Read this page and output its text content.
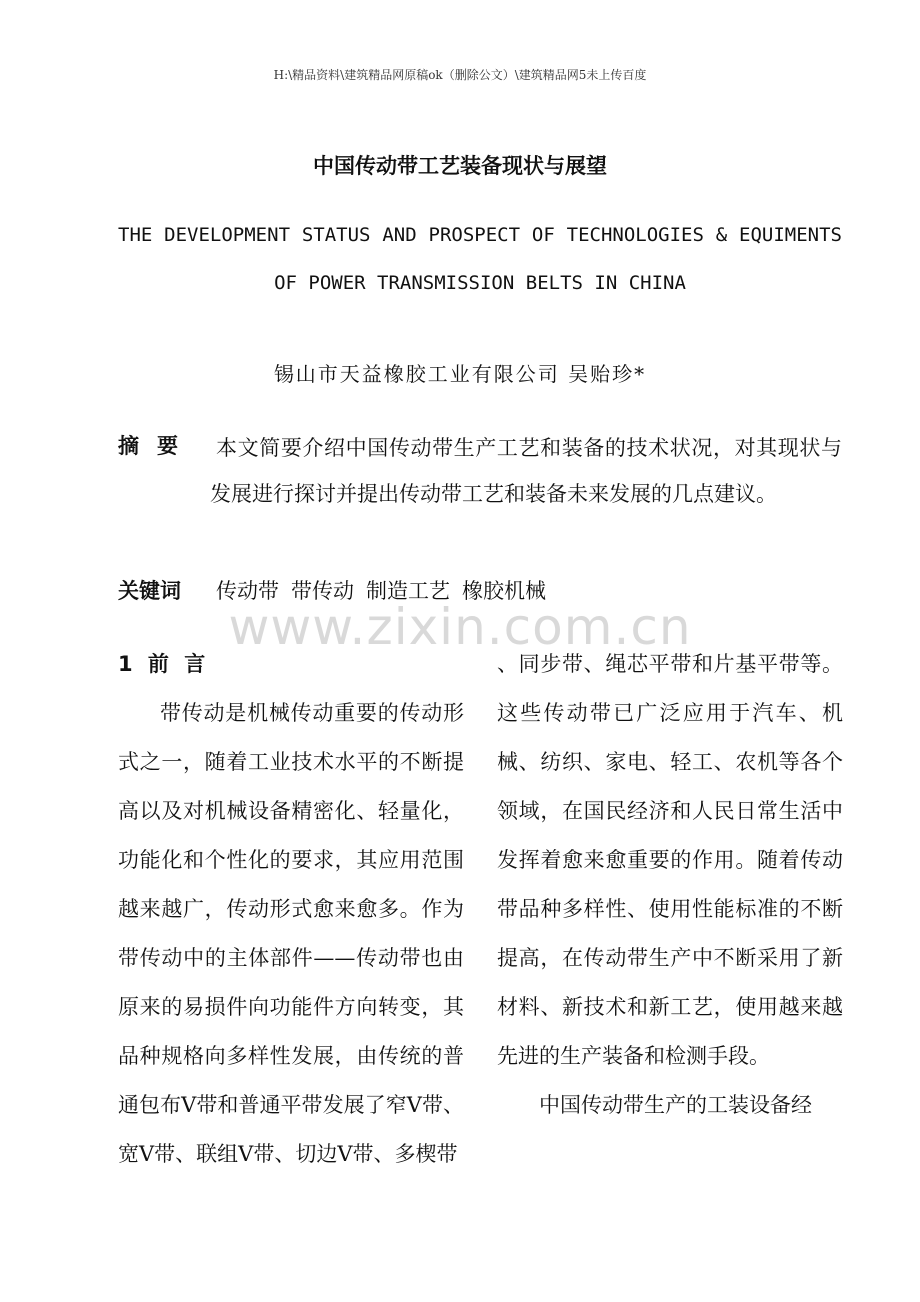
H:\精品资料\建筑精品网原稿ok（删除公文）\建筑精品网5未上传百度
中国传动带工艺装备现状与展望
THE DEVELOPMENT STATUS AND PROSPECT OF TECHNOLOGIES & EQUIMENTS
OF POWER TRANSMISSION BELTS IN CHINA
锡山市天益橡胶工业有限公司 吴贻珍*
摘要 本文简要介绍中国传动带生产工艺和装备的技术状况，对其现状与发展进行探讨并提出传动带工艺和装备未来发展的几点建议。
关键词 传动带 带传动 制造工艺 橡胶机械
www.zixin.com.cn

1 前 言

带传动是机械传动重要的传动形式之一，随着工业技术水平的不断提高以及对机械设备精密化、轻量化，功能化和个性化的要求，其应用范围越来越广，传动形式愈来愈多。作为带传动中的主体部件——传动带也由原来的易损件向功能件方向转变，其品种规格向多样性发展，由传统的普通包布V带和普通平带发展了窄V带、宽V带、联组V带、切边V带、多楔带

、同步带、绳芯平带和片基平带等。这些传动带已广泛应用于汽车、机械、纺织、家电、轻工、农机等各个领域，在国民经济和人民日常生活中发挥着愈来愈重要的作用。随着传动带品种多样性、使用性能标准的不断提高，在传动带生产中不断采用了新材料、新技术和新工艺，使用越来越先进的生产装备和检测手段。

中国传动带生产的工装设备经
